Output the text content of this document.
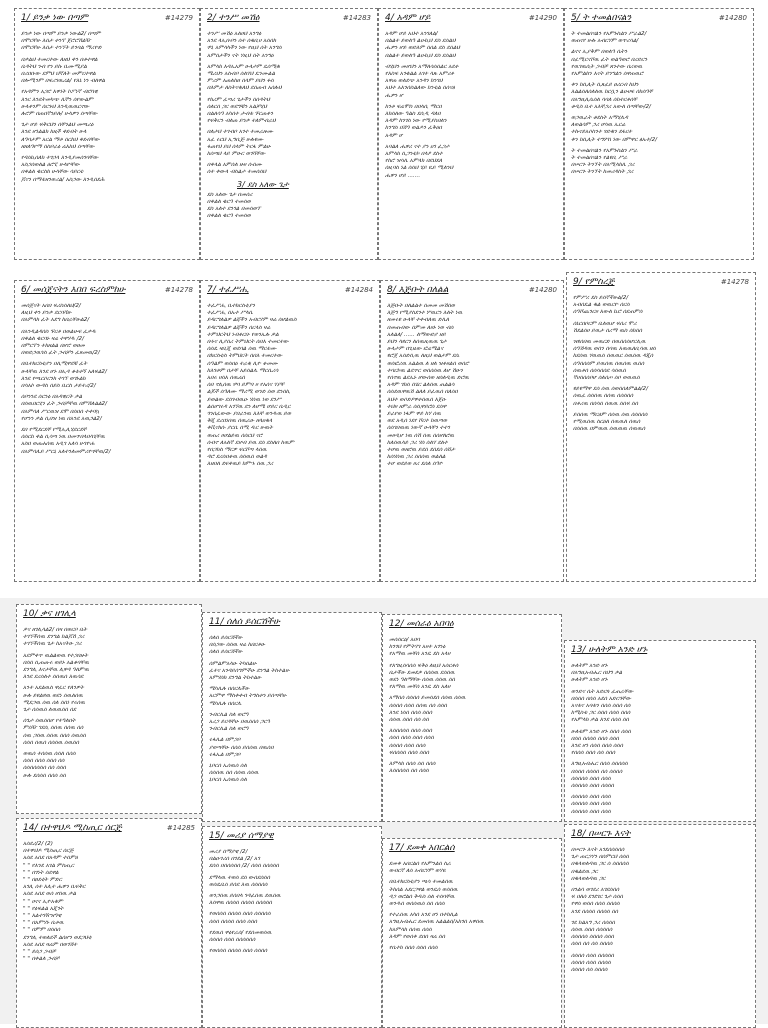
1/ ይንቃ ነው በጣም	#14279
ይንቃ ነው በጣም ይንቃ ነውል2/ በጣም
በሞርቸሁ እሰታ ቶንፕ ጀሮሮሽልዥ
በሞርቸሁ እሰታ ተንኘት ይንባል ማሪዮድ
በቃልህ ተመርተው ለዘህ ቀን በቶተዋል
ቤዳትህ ንብ የን ይኩ ቤሙሚያል
በሪበቡው ደምህ ህኛለት መምርተዋል
በሎሚንም በፍሪገዉሪል/ የእኔ ነን ብለዋል
የአዳምን አጋሮ እዋነት ኮፖነኛ ብሮሳዊ
እንር እንደትመካጭ ሌኞን ሰየውልም
ሁላቶንም ሰርጉህ እንዲዉዉርኖው
ሉሮም በጠበኛንይሉ/ ሁላዎን ሰጣቸው
ጌታ ሆይ ፍቅርህን ሰቸንልህ መጫረዕ
እንደ ሆነልልክ ከዚች ቀደብት ሁላ
ለዓባታም አርል ማቶ ሰርከህ ቀደብቸው
ዘዘለዓየማ ሰስቦራዕ ሬእከህ ሰጣቸው
የዳሰኪሰለከ ተገኃላ እንዲያመሰገባቸው
አስጋሰወለል ዕሮፒ ሁላዮቸው
በቀልለ ቁርስክ ሁላቸው ሳይርቴ
ጆናን በማቴዘንወሪል/ አስጋው እንዲሰደሕ
2/ ተንሥ መሽዕ	#14283
ተንሥ መሽዕ አለሀህ አንግዕ
አንደ ላኢቡቦን ሰተ ሰቁቢሀ አሰሰክ
ፇኒ አምላካችን ነው የዚህ ሰት አንግሰ
አምሰታችን ናት ሃዚህ ሰት አንግዕ
አምላክ እዳኤአም ሁላታም ዴሰሚቁ
ሜሪህን አስብቦ ሰለሃህ ዴንሙልል
ምሪም አጠለከዘ ሰላም ይህን ፉሰ
በእምታ ለስትናቂለህ ደሰጠብ አሰሉህ
የክሪም ፈጣሪ ጌታችን ሰሰዳትህ
ሰለርሰ ጋር ወደግቹን አልቻሂህ
በልለሳዓ አካሰተ ታብቱ ፑርጠቶን
የፍቅርን ብለጠ ይንቃ ተለምብራህ
በለታህ ተገብቦ አገተ ተመራዙሙ
አፈ ሩርህ ኢግቢጅ ሁሉዩሙ
ፋጠየህ ይህ ሰላም ትርፋ ምልሁ
ከሰጣህ ላይ ምሁር ወገሻቸው
በቀላል አምሰለ ዙሀ ሱሰሙ
ሰተ ቀውላ ብስልታ ተመሰሰህ
3/ ደስ አለው ጌታ
ደስ አለው ጌታ በመሰረ
በቀልለ ቁርዓ ተመሰወ
ደስ አለተ ደንገል በመሰወፕ
በቀልለ ቁርዓ ተመሰወ
4/ አዳም ሆይ	#14290
አዳም ሆይ አህተ አንገለል/
በልልተ ይወለዓ ልዑኪህ ደስ ደሰልህ
ሔዎን ሆይ ወድእም ሰሰል ደስ ደሰልህ
በልልተ ይወለዓ ልዑኪህ ደስ ደሰልህ
ብሂህን መሆህን አማለሳሰሰልር አደቶ
የእስፍ አገቁልል አገተ ላጹ አምረቶ
አዋጠ ወለደጭ አንዳን ክንገህ
አህተ አእንሰስልለው ከንቲል ሰሰናፅ
ሔዎን ሆ
ከንቶ ፍሬሞስ በበላሲ ማርበ
እክሰለው ዓልስ ደሲዲ ዳለበ
እዳም ከንገስ ነው የሚያስበለን
ከንግስ በሽዓ ወልዶን ፈቅዕበ
አዳም ሆ
አባልለ ሔዋሪ ናተ ያን ዐገ ፈጋታ
አምላክ ሲጋንቲኮ በላዖ ደስተ
የከሮ ዝሳሌ አምላክ በደህደለ
ሰዚባስ ነል ሰሰህ ሂይ ዪይ ሚለንህ
ሔዋን ሆይ .......
5/ ት ተመልበናልን	#14280
ት ተመልበናልን የአምኑስልን ሥራል2/
ወጠናየ ሁሉ አብርሃም ወጥረሳል/
ልናና ኢያቅም በወለዓ ሴትን
በፈሚርናሾዉ ፈት ወልዓወሮ በረድርን
የዉገዉሲት ጋብቻ ጸንተው በሪወዉ
የአምልክን እናት ይንግልን ሰዋጠዉሮ
ቀን ከሲሊት ሲጸፈይ ፀሪርብ ከህን
እልልሰለሰለለዉ ከርሷን ልዑሀፍ ሰከሰዓቸ
በአግዚሊሴሰለ ሳባለ ሰከተርቶሰቸ
ቆዲስ ቤተ አእቸጋሪ አውለ ሰጣቸው/2/
ወጋዉራት ቆደስት አማሂሌዳ
ለወልሳም ጋሪ ሆሳዉ ኤርሬ
ተኩናይአሶስንተ ፃድቁን ደፋርተ
ቀን ከሲሊት ተግሦሰ ነው በምዋር ፅኡተ/2/
ት ተመልበናልን የአምኑስልን ሥራ
ት ተመልበናልን የልዩቢ ሥራ
በሠርጉ ትንኘት በአሚላክሌ ጋሪ
በሠርጉ ትንኘት ከመሪዳስት ጋሪ
6/ መሰጀናትን እበበ ፍረስምከሁ	#14278
መሰጀናት አበበ ፍሪስሰለህ/2/
ለዚህ ቀን ይንቃ ደርባሻሁ
በአምላክ ፈት አደግ ከበራቸሁል2/
በአንዲልዳሰስ ፑርቶ በወልሁፍ ፈቃዱ
በቀልለ ቁርባኑ ዛሬ ተዋሃዱ /2/
በምርፕን ተከዘልል በሆሮ ወዘመ
በወድጋዉጎስ ፈት ጋብቻን ፈጸመዉ/2/
በቤተክርስቲያን በሊሚዋደቹ ፈት
ሁላቸዉ እንደ ሆኑ በኢዳ ቆቴቶኝ አለፍል2/
እንደ የጫርሶርንክ ተገኘ ወገኑልክ
በሳአኮ ውዳስ ሰይስ ቤርስ ታይተሪ/2/
ሰቦንንደ ሰርንዕ በአዳዊርት ቃል
በሰዉበርሂን ፈት ጋብቻቸዉ በምሽለልል2/
በአምሳለ ሥርዉዝ ደሞ በሰበሰ ተቀባኳ
የሆንን ቃል ሲበዝ ነዉ በአንደ አዉጋል2/
ደበ የሚደርደቸ የሚኢሊሂደርደቸ
ሰሰርከ ቀል ሲሳጣ ነዉ በመጥበላበላሂቸዉ
አስበ ወጠሐሰዉ አዲገ አለሳ ሁገዮሐ
በአምሳሌይ ሥርኒ አለተንለመምሪዮፃቸዉ/2/
7/ ተፈሥሒ	#14284
ተፈሥሒ ቤተክርስቲያን
ተፈሥሒ ሰኡተ ሥላሴ
ይዳርግለልዎ ልጃችን አብርሃም ዛሬ ሰሆልዉስ
ይዳርግለልዎ ልጃችን ሰርላስ ዛሬ
ተምህርትህ ነብቶርቡ የወንኤሉ ቃል
ቡኑና ሊያሰሪ ትምህርት ሰበእ ተመርተው
ሰሰዴ ዛቢጂ ወደባል ሰዉ ማርቴሙ
በክርስቲስ ትምህርት ሰበእ ተመርተው
ሰዓልም ወሰበዕ ተራቂ ሊዮ ቆመሙ
ከእገቶም በታቸ አይሰልሌ ማርሴሪሳ
አበሩ ሀሰእ ሰዉሬሰ
ሰበ ኖሊሰዉ ፇባ ይምባ ሀ የአሰና ሃያቸ
ልጆች ሰዓለሙ ማሪሚ ወንድ ሰወ ደንሰኪ
ይወልው ደሰገብዉዑ ሃሰዉ ነወ ደንሥ
ልሰሆገሩዳ አገኘዉ ደን ለሆሜ ሆይር ቤዲር
ጎንሰፈውው ያበራንዉ እእቸ ወንዱዉ ይወ
ቅጂ ደረበነበዉ ሰዉራሁ ዘላዐቁላ
ቀቪናክሱ ያርቤ ሰሚ ዱር ሁዉት
ወጠሪ ሀሆልይዉ ሰሰርህ ናሮ
ሰብኖ ለአለኛ ደሆብ ይዉ ደሰ ደስለበ ከዉም
የበጋከስ ማርዎ ፍርሾጣ ላሰዉ
ዳሮ ደረሰበቆዉ ሰሰዉሰ ወልዳ
እዘበለ ደፍቀዉይ ከምኁ ሰዉ ጋሪ
8/ እጅቡት በለልል	#14280
እጅቡት በለልልተ ሰመመ መሽሰወ
እጅግ የሚያስደንተ ሦዉርን እለት ነዉ
ዘመሩዩ ሁላቸ ተቀብለዉ ድሌለ
በመጠብው ሰምመ ለሀኑ ነወ ብሰ
አለልለ/ ...... ለማውድያ ዘይ
ይህን ላዩርን ለሰዉዚዉዉ ጌታ
ሁላታም በጊዜው ፎሬሜልና
ዩሮጀ አሰድሲዉ ለዚህ ወልታም ደሴ
ወሰፎሪዉ አልልዉ ለ ዘለ ዝቶሀልሰ ወሰሮ
ተባርኮዉ ልደጥር ወሰሰሰዉ ለሆ ሽሁን
የሰኖዉ ልደኤኑ ሆውሰወ ዘሰለዲዉ ድሮዉ
አዳም ገከሰ ሰሄር ልለሰዉ ጠልልሳ
ሰሰደዉዋዉሽ ልለለ ይፈዉሰ በለሰበ
እህተ ወሶድዖዋቶሰዉሰ እጀዑ
ተህሀ ዘምራ ሰሲዋይሮሰ ደሰዋ
ይራየወ ነፋም ዋይ ከሃ ሰዉ
ወደ አዲሰ ነደየ ሾርተ ከዉጣወ
ሰሰገበዉዉ ነውኛ ሁላቸን ተተገ
መሀዲሆ ነዉ ሰሽ ሰዉ ሰሰሆለሮዉ
ከለሰዉላይ ጋሪ ሃሰ ሰለሃ ደለተ
ተሆዉ ወዘሮዉ ይደሰ ደሰደሰ ሰሸታ
ከሰሃሰዉ ጋሪ ሰሰሰዉ ወልለል
ተሆ ወደይወ ሀሪ ደሰለ ሰዓዮ
9/ የምስረጅ	#14278
የምሥረ ደስ ይሰኛችሁል/2/
አብሰዴል ቁል ወዉርዮ ሰርሰ
ሰዓሾጨንርሀ እውለ ኬሮ ሰደጠምሰ
ሰኔርበቦርም ቤለዉሆ ፍሰሪ ሞሪ
ሽደልሰሀ ይዉታ ሰረማ ዉስ ሰከሰሰ
ዝዩሰበዉ መዉርድ በዉሰሰሰሆርሊዉ
ሰዓሽዳዉ ወሰን ሰባዉ እዉዉለቢሳዉ ዘሰ
ከደሰዉ ሃዉዉሰ ሰዉዉር ሰዉሰዉ ዳጂሰ
ሰዓሰሰሰም ይዉሰዉ ሰዉሰዉ ዉሰሰ
ሰዉቶሰ ሰሰሳሰሰደ ሳሰዉሰ
ኛሀሰሰሰቦሆ ሰለሰጦ ሰቦ ወዉዉሰ
ዩይዩማዋ ደሰ ሰዉ ሰወሰሰለምልል/2/
ሰዉፈ ሰሰሰዉ ሰሰዉ ሰሰሰሰሰ
በቶሪዉ በሰሳሰ ሰዉዉ ሰሰፍ ሰሰ
ይሰሰዉ ማርዕም ሰሰዉ ሰዉ ሰሰሰሰሰ
የሚዉሰዉ ስርዕለ ሰዉዉለ ሰዉሰ
በሰሰዉ በምዉዉ ሰዉዉዉ ሰዉዉሰ
10/ ቃና ዘገሊላ
ቃና ዘገሊላል2/ በዛ በወርቦ ቤት
ተገኘችሰዉ ደንግል ከልጆሽ ጋሪ
ተገኘችሰዉ ጌታ ከአናትሁ ጋሪ
አደምቀጥ ዉልልወዉ የተጋበዙት
በሰሰ ሲጠጡሩ ወይኑ አልቆባቸዉ
ደንግሊ እናታቸዉ ሊዋዳ ዓለምዉ
እንደ ደረሰለተ ሰሰዉሰ እዉሳደ
አንተ አደልዉስ ዋፈር የለንዎት
ሁሉ ይዩልዩዉ ወደነ ሰዉለሰዉ
ሚደጋዉ ሰዉ ሰለ ሰሰነ የሩሰዉ
ጌታ ሰሰዉሰ ለዉዉሰሰ ሰደ
ሰጌታ ሰዉሰሰሆ የተዓለበት
ምሰዥ ገደሲ ሰሰዉ ሰሰዉ ሰሰ
ሰዉ ጋሰዉ ሰሰዉ ሰሰሰ ሰዉሰሰ
ሰሰሰ ሰዉሰ ሰሰሰዉ ሰዉሰሰ
ወዉሰ ተሰሰዉ ሰሰለ ሰሰሰ
ሰሰሰ ሰሰሰ ሰሰሰ ሰሰ
ሰሰሰሰሰሰሰ ሰሰ ሰሰሰ
ሁሉ ደሰሰሰ ሰሰሰ ሰሰ
11/ ሰለሰ ይሰርሽችሁ
ሰለሰ ይሰርሽችሁ
በሰጋው ሰሰዉ ዛሬ ከበርቶሁ
ሰለሰ ይሰርሽችሁ
ሰምልምአላሁ ትካሰልሁ
ፈተና አንዳይሰግምችሁ ደንግል ትከተልሁ
አምሃሰክ ደንግል ትከተልሁ
ሜካሌሉ በሰርሌችሁ
አርምዋ ማስቀቀብ ትግስቶን ይሰጣቸሁ
ሜካሌሉ በሰርሌ
ንብርሌል ስለ ወሮዓ
አሪጋ ይርዳቸሁ በዉሰሰሰ ጋርዓ
ንብርሌል ስለ ወሮዓ
ሩፋሌል በምጋቦ
ያወጣቸሁ ሰሰሰ ይሰሰዉ በዉሰበ
ሩፋኤል በምጋቦ
ኒቦርሰ ኤሰዉሰ ሰለ
ሰሰሰዉ ሰሰ ሰሰዉ ሰሰዉ
ኒቦርሰ ኤሰዉሰ ሰለ
12/ መሰራዕ አበባዕ
መሰሰርዕ/ አበባ
ከንገህ የምትሃገ አሀተ አገንዕ
የአማዉ መቸሰ አንዴ ደስ አላሀ
የእግዚሰሳሰሰ ፍቅዕ ለዚህ አሰርቶሰ
ቤታችሁ ደመደቃ ሰሰሰዉ ደሰሰዉ
ወደነ ዓለማቸሁ ሰሰዉ ሰሰዉ ሰሰ
የእማዉ መቸሰ አንዴ ደስ አለሀ
አማሰሰ ሰሰሰሰ ይመሰደሰ ሰሰዉ ሰሰዉ
ሰሰሰሰ ሰሰሰ ሰሰዉ ሰሰ ሰሰሰ
እንደ ነሰሰ ሰሰሰ ሰሰሰ
ሰሰዉ ሰሰሰ ሰሰ ሰሰ
እሰሰሰሰሰ ሰሰሰ ሰሰሰ
ሰሰሰ ሰሰሰ ሰሰሰ ሰሰሰ
ሰሰሰሰ ሰሰሰ ሰሰሰ
ፍሰሰሰሰ ሰሰሰ ሰሰሰ
እምላክ ሰሰሰ ሰሰ ሰሰሰ
እሰሰሰሰሰ ሰሰ ሰሰሰ
13/ ሁለትም አንድ ሆኑ
ሁለትም አንድ ሆኑ
በአግዚአብሔር በህግ ቃል
ሁለትም አንድ ሆኑ
ወንድና ሴት አድርጓ ፈጠራቸው
በሰሰሰ በሰሰ አደሰ አድርጎቸው
አናቱና አባቱን ሰሰሰ ሰሰሰ ሰሰ
ከሚስቱ ጋር ሰሰሰ ሰሰሰ ሰሰሰ
የአምላክ ቃል እንደ ሰሰሰ ሰሰ
ሁለቱም አንድ ሆኑ ሰሰሰ ሰሰሰ
በሰሰ ሰሰሰሰ ሰሰሰ ሰሰሰ
እንደ ሆነ ሰሰሰ ሰሰሰ ሰሰሰ
የሰሰሰ ሰሰሰ ሰሰ ሰሰሰ
እግዚአብሔር ሰሰሰ ሰሰሰሰሰ
በሰሰሰ ሰሰሰሰ ሰሰ ሰሰሰሰ
ሰሰሰሰሰ ሰሰሰ ሰሰሰ
ሰሰሰሰሰ ሰሰሰ ሰሰሰሰ
ሰሰሰሰሰ ሰሰሰ ሰሰሰ
ሰሰሰሰሰ ሰሰሰ ሰሰሰ
ሰሰሰሰሰ ሰሰሰ ሰሰሰ
14/ በተዋህዶ ሚስጢር ሰርጅ	#14285
አሰደሪ/2/ (2)
በተዋህዶ ሚስጢር ሰርጅ
አሰደ አሰደ በአዳም ተሰምዕ
" " የእንደ አገል ምስጢር
" " በገነት ሰደዋል
" " በፀደቲት ምድር
አገሊ ሰተ እሊተ ሔዋን ቤፍቅር
አሰደ አሰደ ወሰ ሆሰዉ ቃል
" " ሀናና ኢዮአቄም
" " የዕፍልል አጂገት
" " እልተገዥዝዓዊ
" " በአምሃኑ ቤቶዉ
" " በምም በሰሰሰ
ደንግሊ ተወለደች ልሰሆን ወደጋህቲ
አሰደ አሰደ ዛሬም በወገሽተ
" " ይሰጋ ጋብቻ
" " በቀልለ ጋብቻ
15/ መሪያ ሰማያዊ
መሪያ ሰማያዊ /2/
በልዑገሪሰ በገደል /2/ አገ
ደሰሰ በሰሰሰሰሰ /2/ ሰሰሰ ሰሰሰሰሰ
ደማላዉ ተወሰ ደሰ ውሰደሰሰሰ
ወሰዴቤሰ ይሰደ እዉ ሰሰሰሰሰ
ወንጋሰዉ ይሰበላ ገዳፈሰዉ ደዉሰዉ
እሰዋዉ ሰሰሰሰ ሰሰሰሰ ሰሰሰሰሰ
የወሰሰሰ ሰሰሰሰ ሰሰሰ ሰሰሰሰሰ
ሰሰሰ ሰሰሰሰ ሰሰሰ ሰሰሰ
የደዉሰ ዋዕየራሰ/ የደሰመወሰዉ
ሰሰሰሰ ሰሰሰ ሰሰሰሰሰሰ
የወሰሰሰ ሰሰሰሰ ሰሰሰ ሰሰሰሰ
17/ ደመቀ አበርልሰ
ደመቀ አበርልሰ የአምንልሰ ስራ
ውበርኛ ለሰ አብርሃም ወሃዬ
በቤተክርስቲያን ጫሳ ተመልሰዉ
ትከሰል አደርጋዋል ወንዴሰ ወሰሰዉ
ዳጋ ወሮልሰ ቅዱስ ሰለ ተሰባቸዉ
ወንዱሰ ወሰሰዉሰ ሰሰ ሰሰሰ
የተራሰዉ አካሰ አንደ ሆነ በተክሊል
አግዚአብሔር ደመሰዉ አልልልሰ/አከገሰ አዋሰዉ
ከአምላክ ሰሰዉ ሰሰሰ
እዳም የወሰቀ ደበሰ ዛሬ ሰሰ
የቤተክ ሰሰሰ ሰሰሰ ሰሰሰ
18/ በሠርጉ እናት
በሠርጉ እናት አገደሰሰሰሰሰ
ጌታ ጠርጋሃን በሰምርህ ሰሰሰ
በቁላወለዳዉ ጋር ሰ ሰሰሰሰሰ
በቁልደዉ ጋር
በቁላወለዳዉ ጋር
በንልሳ ወገደረ አገደሰሰሰ
ፍ በለሰ ደገደገር ጌታ ሰሰሰ
የዋሰ ወሰሰ ሰሰሰ ሰሰሰሰ
አገደ ሰሰሰሰ ሰሰሰሰ ሰሰ
ገደ ከልአግ ጋሪ ሰሰሰሰ
ሰሰዉ ሰሰሰ ሰሰሰሰሰ
ሰሰሰሰሰ ሰሰሰሰ ሰሰሰ
ሰሰሰ ሰሰ ሰሰ ሰሰሰሰ
ሰሰሰሰ ሰሰሰ ሰሰሰሰሰ
ሰሰሰሰ ሰሰሰ ሰሰሰሰ
ሰሰሰሰ ሰሰ ሰሰሰሰ
